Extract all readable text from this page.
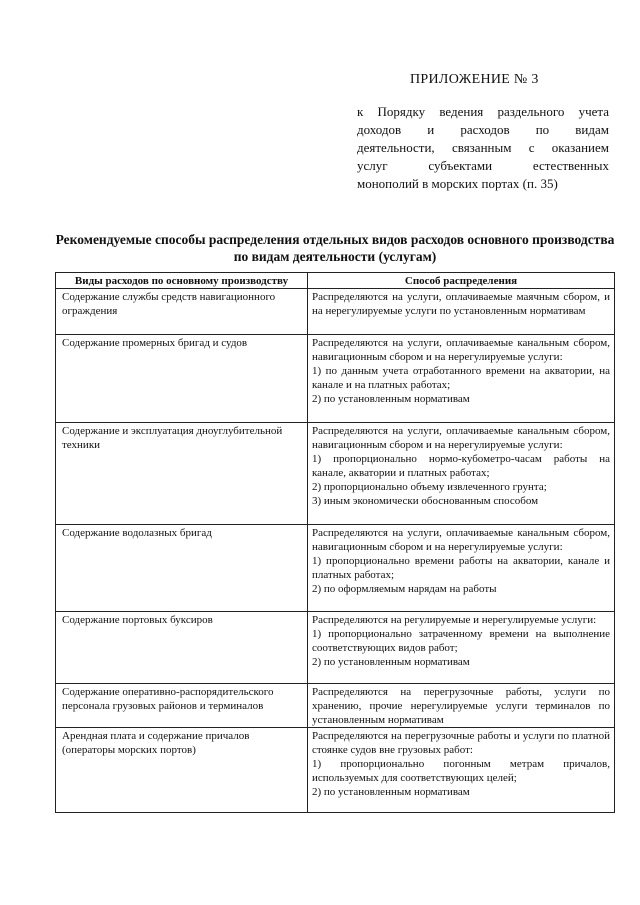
ПРИЛОЖЕНИЕ № 3
к Порядку ведения раздельного учета
доходов и расходов по видам
деятельности, связанным с оказанием
услуг субъектами естественных
монополий в морских портах (п. 35)
Рекомендуемые способы распределения отдельных видов расходов основного производства по видам деятельности (услугам)
Виды расходов по основному производству	Способ распределения
Содержание службы средств навигационного ограждения	Распределяются на услуги, оплачиваемые маячным сбором, и на нерегулируемые услуги по установленным нормативам

Содержание промерных бригад и судов	Распределяются на услуги, оплачиваемые канальным сбором, навигационным сбором и на нерегулируемые услуги:

1) по данным учета отработанного времени на акватории, на канале и на платных работах;

2) по установленным нормативам

Содержание и эксплуатация дноуглубительной техники	Распределяются на услуги, оплачиваемые канальным сбором, навигационным сбором и на нерегулируемые услуги:

1) пропорционально нормо-кубометро-часам работы на канале, акватории и платных работах;

2) пропорционально объему извлеченного грунта;

3) иным экономически обоснованным способом

Содержание водолазных бригад	Распределяются на услуги, оплачиваемые канальным сбором, навигационным сбором и на нерегулируемые услуги:

1) пропорционально времени работы на акватории, канале и платных работах;

2) по оформляемым нарядам на работы

Содержание портовых буксиров	Распределяются на регулируемые и нерегулируемые услуги:

1) пропорционально затраченному времени на выполнение соответствующих видов работ;

2) по установленным нормативам

Содержание оперативно-распорядительского персонала грузовых районов и терминалов	Распределяются на перегрузочные работы, услуги по хранению, прочие нерегулируемые услуги терминалов по установленным нормативам

Арендная плата и содержание причалов (операторы морских портов)	Распределяются на перегрузочные работы и услуги по платной стоянке судов вне грузовых работ:

1) пропорционально погонным метрам причалов, используемых для соответствующих целей;

2) по установленным нормативам
